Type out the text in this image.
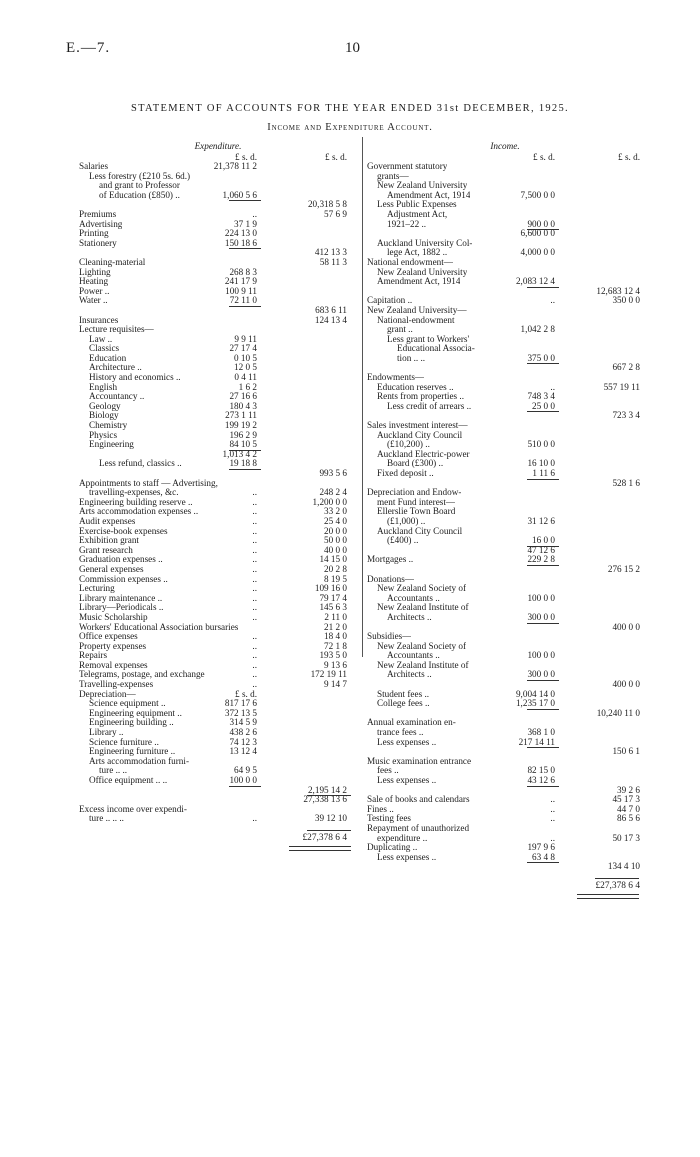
E.—7.	10
STATEMENT OF ACCOUNTS FOR THE YEAR ENDED 31st DECEMBER, 1925.
Income and Expenditure Account.
Expenditure.
£ s. d.	£ s. d.
Salaries	21,378 11 2
Less forestry (£210 5s. 6d.)
and grant to Professor
of Education (£850) ..	1,060 5 6
20,318 5 8
Premiums	..	57 6 9
Advertising	37 1 9
Printing	224 13 0
Stationery	150 18 6
412 13 3
Cleaning-material	58 11 3
Lighting	268 8 3
Heating	241 17 9
Power ..	100 9 11
Water ..	72 11 0
683 6 11
Insurances	124 13 4
Lecture requisites—
Law ..	9 9 11
Classics	27 17 4
Education	0 10 5
Architecture ..	12 0 5
History and economics ..	0 4 11
English	1 6 2
Accountancy ..	27 16 6
Geology	180 4 3
Biology	273 1 11
Chemistry	199 19 2
Physics	196 2 9
Engineering	84 10 5
1,013 4 2
Less refund, classics ..	19 18 8
993 5 6
Appointments to staff — Advertising,
travelling-expenses, &c.	..	248 2 4
Engineering building reserve ..	..	1,200 0 0
Arts accommodation expenses ..	..	33 2 0
Audit expenses	..	25 4 0
Exercise-book expenses	..	20 0 0
Exhibition grant	..	50 0 0
Grant research	..	40 0 0
Graduation expenses ..	..	14 15 0
General expenses	..	20 2 8
Commission expenses ..	..	8 19 5
Lecturing	..	109 16 0
Library maintenance ..	..	79 17 4
Library—Periodicals ..	..	145 6 3
Music Scholarship	..	2 11 0
Workers' Educational Association bursaries	21 2 0
Office expenses	..	18 4 0
Property expenses	..	72 1 8
Repairs	..	193 5 0
Removal expenses	..	9 13 6
Telegrams, postage, and exchange	..	172 19 11
Travelling-expenses	..	9 14 7
Depreciation—	£ s. d.
Science equipment ..	817 17 6
Engineering equipment ..	372 13 5
Engineering building ..	314 5 9
Library ..	438 2 6
Science furniture ..	74 12 3
Engineering furniture ..	13 12 4
Arts accommodation furni-
ture .. ..	64 9 5
Office equipment .. ..	100 0 0
2,195 14 2
27,338 13 6
Excess income over expendi-
ture .. .. ..	..	39 12 10
£27,378 6 4
Income.
£ s. d.	£ s. d.
Government statutory
grants—
New Zealand University
Amendment Act, 1914	7,500 0 0
Less Public Expenses
Adjustment Act,
1921–22 ..	900 0 0
6,600 0 0
Auckland University Col-
lege Act, 1882 ..	4,000 0 0
National endowment—
New Zealand University
Amendment Act, 1914	2,083 12 4
12,683 12 4
Capitation ..	..	350 0 0
New Zealand University—
National-endowment
grant ..	1,042 2 8
Less grant to Workers'
Educational Associa-
tion .. ..	375 0 0
667 2 8
Endowments—
Education reserves ..	..	557 19 11
Rents from properties ..	748 3 4
Less credit of arrears ..	25 0 0
723 3 4
Sales investment interest—
Auckland City Council
(£10,200) ..	510 0 0
Auckland Electric-power
Board (£300) ..	16 10 0
Fixed deposit ..	1 11 6
528 1 6
Depreciation and Endow-
ment Fund interest—
Ellerslie Town Board
(£1,000) ..	31 12 6
Auckland City Council
(£400) ..	16 0 0
47 12 6
Mortgages ..	229 2 8
276 15 2
Donations—
New Zealand Society of
Accountants ..	100 0 0
New Zealand Institute of
Architects ..	300 0 0
400 0 0
Subsidies—
New Zealand Society of
Accountants ..	100 0 0
New Zealand Institute of
Architects ..	300 0 0
400 0 0
Student fees ..	9,004 14 0
College fees ..	1,235 17 0
10,240 11 0
Annual examination en-
trance fees ..	368 1 0
Less expenses ..	217 14 11
150 6 1
Music examination entrance
fees ..	82 15 0
Less expenses ..	43 12 6
39 2 6
Sale of books and calendars	..	45 17 3
Fines ..	..	44 7 0
Testing fees	..	86 5 6
Repayment of unauthorized
expenditure ..	..	50 17 3
Duplicating ..	197 9 6
Less expenses ..	63 4 8
134 4 10
£27,378 6 4
